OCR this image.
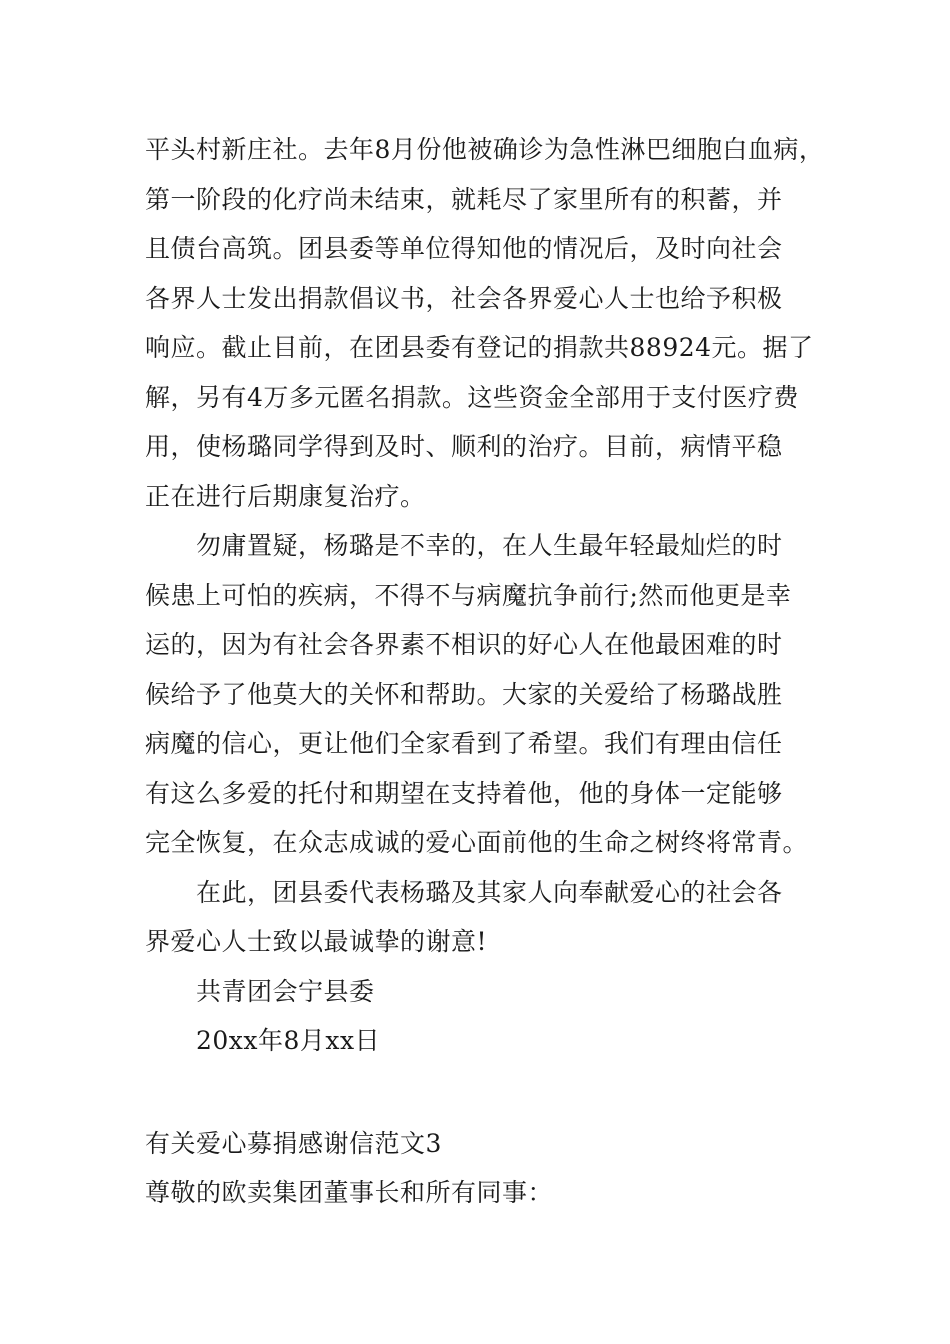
平头村新庄社。去年8月份他被确诊为急性淋巴细胞白血病，
第一阶段的化疗尚未结束，就耗尽了家里所有的积蓄，并
且债台高筑。团县委等单位得知他的情况后，及时向社会
各界人士发出捐款倡议书，社会各界爱心人士也给予积极
响应。截止目前，在团县委有登记的捐款共88924元。据了
解，另有4万多元匿名捐款。这些资金全部用于支付医疗费
用，使杨璐同学得到及时、顺利的治疗。目前，病情平稳
正在进行后期康复治疗。
勿庸置疑，杨璐是不幸的，在人生最年轻最灿烂的时
候患上可怕的疾病，不得不与病魔抗争前行;然而他更是幸
运的，因为有社会各界素不相识的好心人在他最困难的时
候给予了他莫大的关怀和帮助。大家的关爱给了杨璐战胜
病魔的信心，更让他们全家看到了希望。我们有理由信任
有这么多爱的托付和期望在支持着他，他的身体一定能够
完全恢复，在众志成诚的爱心面前他的生命之树终将常青。
在此，团县委代表杨璐及其家人向奉献爱心的社会各
界爱心人士致以最诚挚的谢意!
共青团会宁县委
20xx年8月xx日
有关爱心募捐感谢信范文3
尊敬的欧卖集团董事长和所有同事：
